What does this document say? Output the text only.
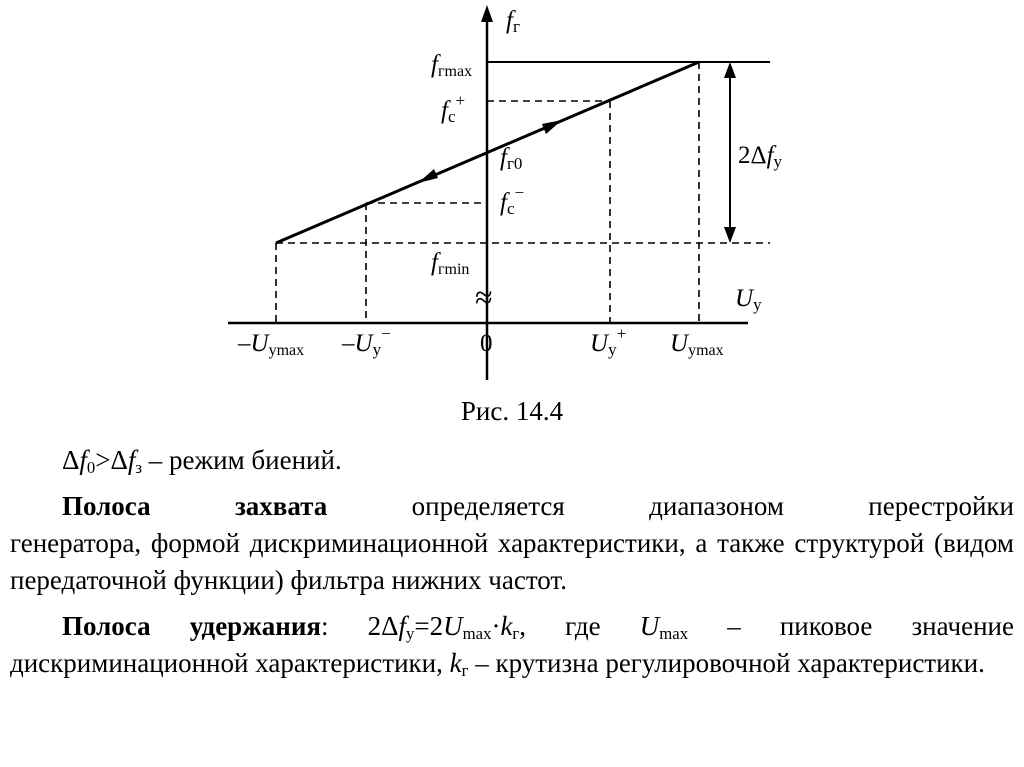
fг
fгmax
fc+
fг0
fc−
fгmin
2Δfy
≈	Uy
–Uymax –Uy−	0	Uy+ Uymax
Рис. 14.4

$\Delta f_0>\Delta f_з$ – режим биений.

Полоса захвата определяется диапазоном перестройки
генератора, формой дискриминационной характеристики, а также структурой (видом передаточной функции) фильтра нижних частот.

Полоса удержания: $2\Delta f_y=2U_{max}\cdot k_г$, где $U_{max}$ – пиковое значение дискриминационной характеристики, $k_г$ – крутизна регулировочной характеристики.
